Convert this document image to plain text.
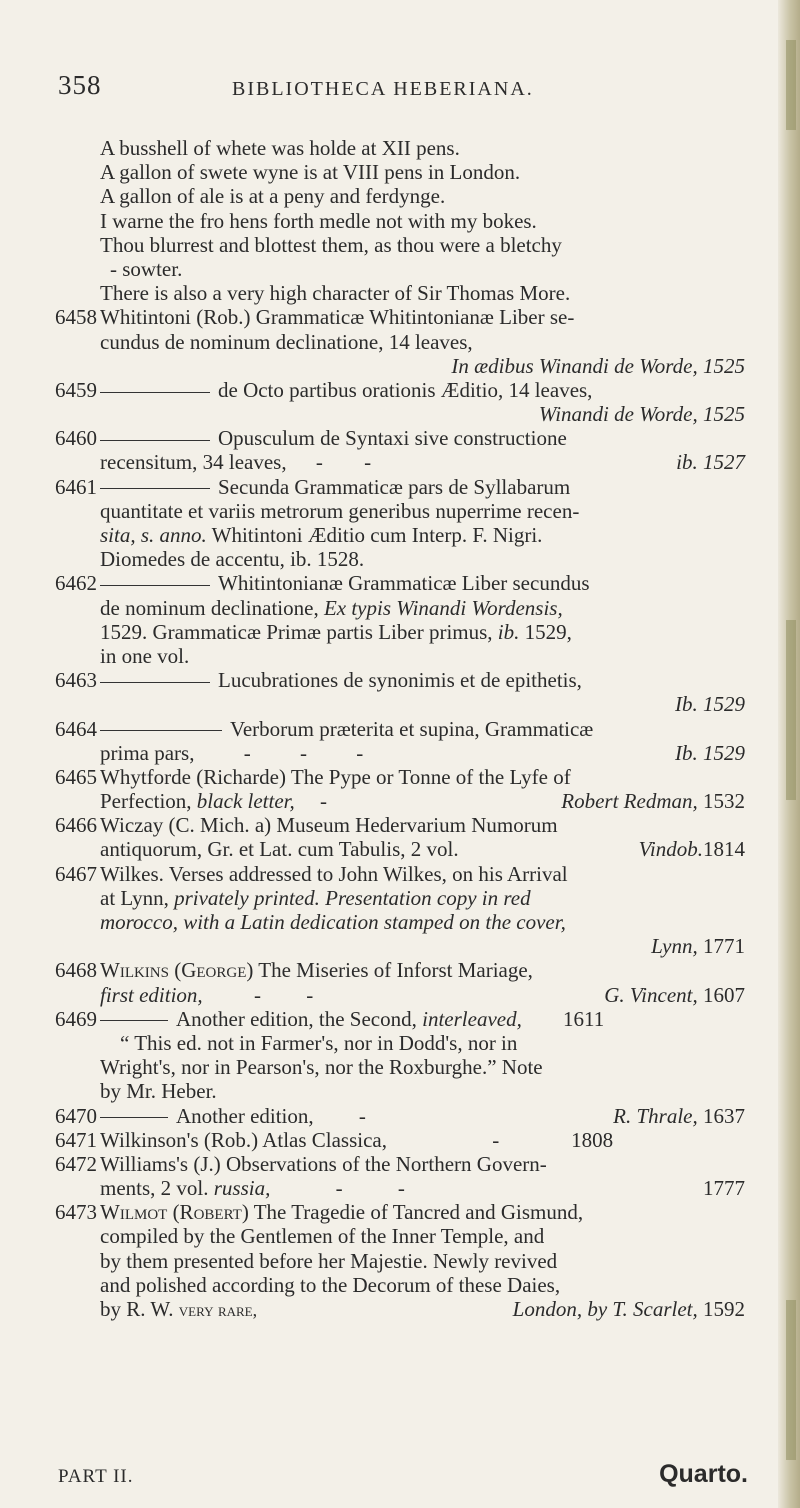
358	BIBLIOTHECA HEBERIANA.
A busshell of whete was holde at XII pens.
A gallon of swete wyne is at VIII pens in London.
A gallon of ale is at a peny and ferdynge.
I warne the fro hens forth medle not with my bokes.
Thou blurrest and blottest them, as thou were a bletchy
- sowter.
There is also a very high character of Sir Thomas More.
6458 Whitintoni (Rob.) Grammaticæ Whitintonianæ Liber se-
cundus de nominum declinatione, 14 leaves,
In ædibus Winandi de Worde, 1525
6459	de Octo partibus orationis Æditio, 14 leaves,
Winandi de Worde, 1525
6460	Opusculum de Syntaxi sive constructione
recensitum, 34 leaves, - -	ib. 1527
6461	Secunda Grammaticæ pars de Syllabarum
quantitate et variis metrorum generibus nuperrime recen-
sita, s. anno. Whitintoni Æditio cum Interp. F. Nigri.
Diomedes de accentu, ib. 1528.
6462	Whitintonianæ Grammaticæ Liber secundus
de nominum declinatione, Ex typis Winandi Wordensis,
1529. Grammaticæ Primæ partis Liber primus, ib. 1529,
in one vol.
6463	Lucubrationes de synonimis et de epithetis,
Ib. 1529
6464	Verborum præterita et supina, Grammaticæ
prima pars, - - -	Ib. 1529
6465 Whytforde (Richarde) The Pype or Tonne of the Lyfe of
Perfection, black letter, -	Robert Redman, 1532
6466 Wiczay (C. Mich. a) Museum Hedervarium Numorum
antiquorum, Gr. et Lat. cum Tabulis, 2 vol.	Vindob.1814
6467 Wilkes. Verses addressed to John Wilkes, on his Arrival
at Lynn, privately printed. Presentation copy in red
morocco, with a Latin dedication stamped on the cover,
Lynn, 1771
6468 Wilkins (George) The Miseries of Inforst Mariage,
first edition, - -	G. Vincent, 1607
6469	Another edition, the Second, interleaved, 1611
“ This ed. not in Farmer's, nor in Dodd's, nor in
Wright's, nor in Pearson's, nor the Roxburghe.” Note
by Mr. Heber.
6470	Another edition, -	R. Thrale, 1637
6471 Wilkinson's (Rob.) Atlas Classica,	-	1808
6472 Williams's (J.) Observations of the Northern Govern-
ments, 2 vol. russia,	-	-	1777
6473 Wilmot (Robert) The Tragedie of Tancred and Gismund,
compiled by the Gentlemen of the Inner Temple, and
by them presented before her Majestie. Newly revived
and polished according to the Decorum of these Daies,
by R. W. very rare,	London, by T. Scarlet, 1592
PART II.	Quarto.
